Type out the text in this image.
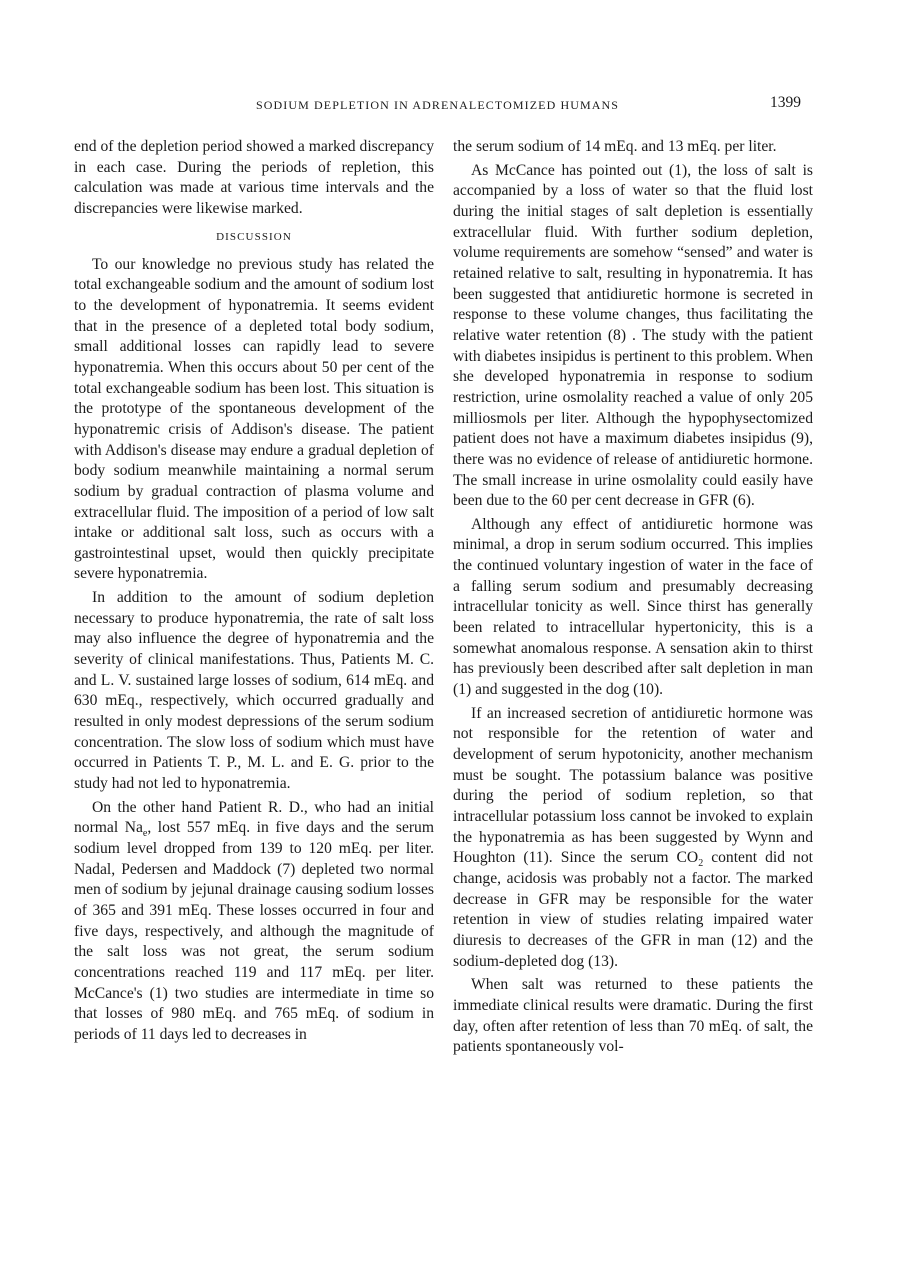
SODIUM DEPLETION IN ADRENALECTOMIZED HUMANS	1399

end of the depletion period showed a marked discrepancy in each case. During the periods of repletion, this calculation was made at various time intervals and the discrepancies were likewise marked.

DISCUSSION

To our knowledge no previous study has related the total exchangeable sodium and the amount of sodium lost to the development of hyponatremia. It seems evident that in the presence of a depleted total body sodium, small additional losses can rapidly lead to severe hyponatremia. When this occurs about 50 per cent of the total exchangeable sodium has been lost. This situation is the prototype of the spontaneous development of the hyponatremic crisis of Addison's disease. The patient with Addison's disease may endure a gradual depletion of body sodium meanwhile maintaining a normal serum sodium by gradual contraction of plasma volume and extracellular fluid. The imposition of a period of low salt intake or additional salt loss, such as occurs with a gastrointestinal upset, would then quickly precipitate severe hyponatremia.

In addition to the amount of sodium depletion necessary to produce hyponatremia, the rate of salt loss may also influence the degree of hyponatremia and the severity of clinical manifestations. Thus, Patients M. C. and L. V. sustained large losses of sodium, 614 mEq. and 630 mEq., respectively, which occurred gradually and resulted in only modest depressions of the serum sodium concentration. The slow loss of sodium which must have occurred in Patients T. P., M. L. and E. G. prior to the study had not led to hyponatremia.

On the other hand Patient R. D., who had an initial normal $Na_e$, lost 557 mEq. in five days and the serum sodium level dropped from 139 to 120 mEq. per liter. Nadal, Pedersen and Maddock (7) depleted two normal men of sodium by jejunal drainage causing sodium losses of 365 and 391 mEq. These losses occurred in four and five days, respectively, and although the magnitude of the salt loss was not great, the serum sodium concentrations reached 119 and 117 mEq. per liter. McCance's (1) two studies are intermediate in time so that losses of 980 mEq. and 765 mEq. of sodium in periods of 11 days led to decreases in

the serum sodium of 14 mEq. and 13 mEq. per liter.

As McCance has pointed out (1), the loss of salt is accompanied by a loss of water so that the fluid lost during the initial stages of salt depletion is essentially extracellular fluid. With further sodium depletion, volume requirements are somehow “sensed” and water is retained relative to salt, resulting in hyponatremia. It has been suggested that antidiuretic hormone is secreted in response to these volume changes, thus facilitating the relative water retention (8) . The study with the patient with diabetes insipidus is pertinent to this problem. When she developed hyponatremia in response to sodium restriction, urine osmolality reached a value of only 205 milliosmols per liter. Although the hypophysectomized patient does not have a maximum diabetes insipidus (9), there was no evidence of release of antidiuretic hormone. The small increase in urine osmolality could easily have been due to the 60 per cent decrease in GFR (6).

Although any effect of antidiuretic hormone was minimal, a drop in serum sodium occurred. This implies the continued voluntary ingestion of water in the face of a falling serum sodium and presumably decreasing intracellular tonicity as well. Since thirst has generally been related to intracellular hypertonicity, this is a somewhat anomalous response. A sensation akin to thirst has previously been described after salt depletion in man (1) and suggested in the dog (10).

If an increased secretion of antidiuretic hormone was not responsible for the retention of water and development of serum hypotonicity, another mechanism must be sought. The potassium balance was positive during the period of sodium repletion, so that intracellular potassium loss cannot be invoked to explain the hyponatremia as has been suggested by Wynn and Houghton (11). Since the serum $CO_2$ content did not change, acidosis was probably not a factor. The marked decrease in GFR may be responsible for the water retention in view of studies relating impaired water diuresis to decreases of the GFR in man (12) and the sodium-depleted dog (13).

When salt was returned to these patients the immediate clinical results were dramatic. During the first day, often after retention of less than 70 mEq. of salt, the patients spontaneously vol-
